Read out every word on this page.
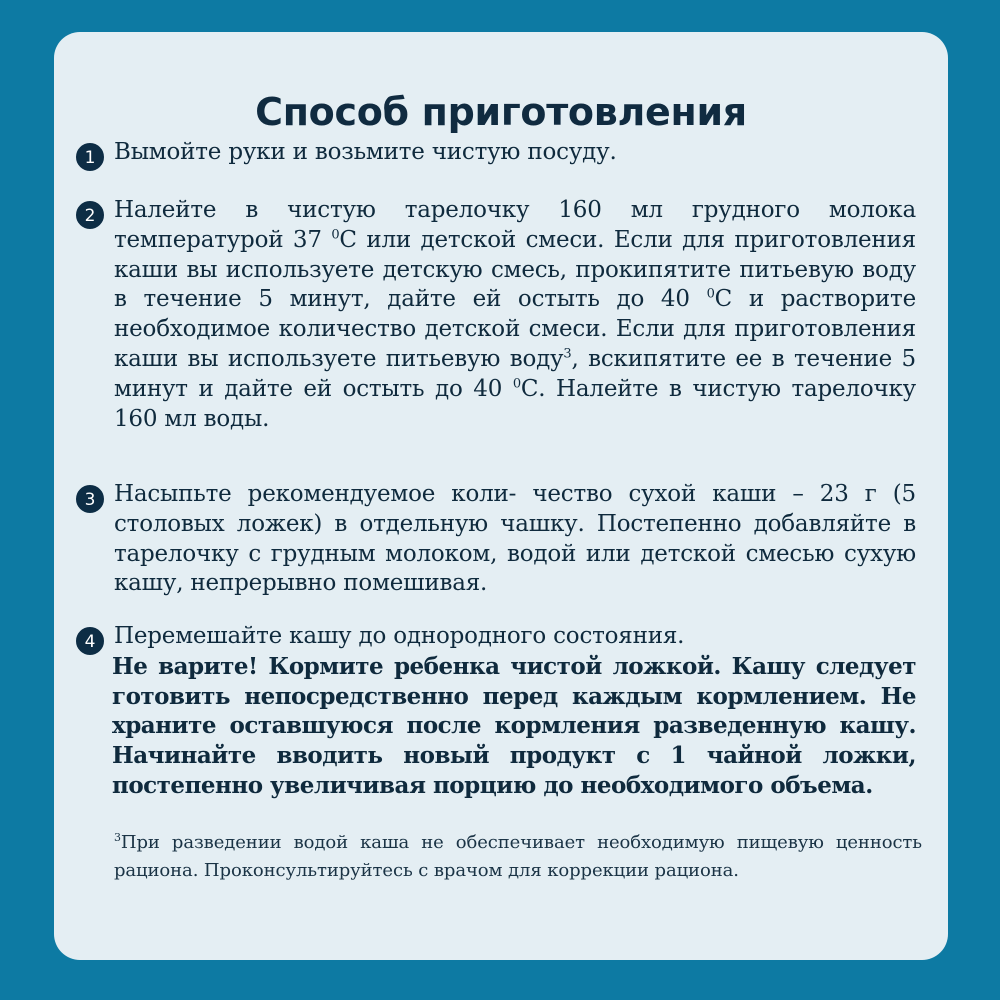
Способ приготовления
1 Вымойте руки и возьмите чистую посуду.
2 Налейте в чистую тарелочку 160 мл грудного молока температурой 37 $^0$С или детской смеси. Если для приготовления каши вы используете детскую смесь, прокипятите питьевую воду в течение 5 минут, дайте ей остыть до 40 $^0$С и растворите необходимое количество детской смеси. Если для приготовления каши вы используете питьевую воду$^3$, вскипятите ее в течение 5 минут и дайте ей остыть до 40 $^0$С. Налейте в чистую тарелочку 160 мл воды.
3 Насыпьте рекомендуемое коли- чество сухой каши – 23 г (5 столовых ложек) в отдельную чашку. Постепенно добавляйте в тарелочку с грудным молоком, водой или детской смесью сухую кашу, непрерывно помешивая.
4 Перемешайте кашу до однородного состояния.
Не варите! Кормите ребенка чистой ложкой. Кашу следует готовить непосредственно перед каждым кормлением. Не храните оставшуюся после кормления разведенную кашу. Начинайте вводить новый продукт с 1 чайной ложки, постепенно увеличивая порцию до необходимого объема.
$^3$При разведении водой каша не обеспечивает необходимую пищевую ценность рациона. Проконсультируйтесь с врачом для коррекции рациона.
